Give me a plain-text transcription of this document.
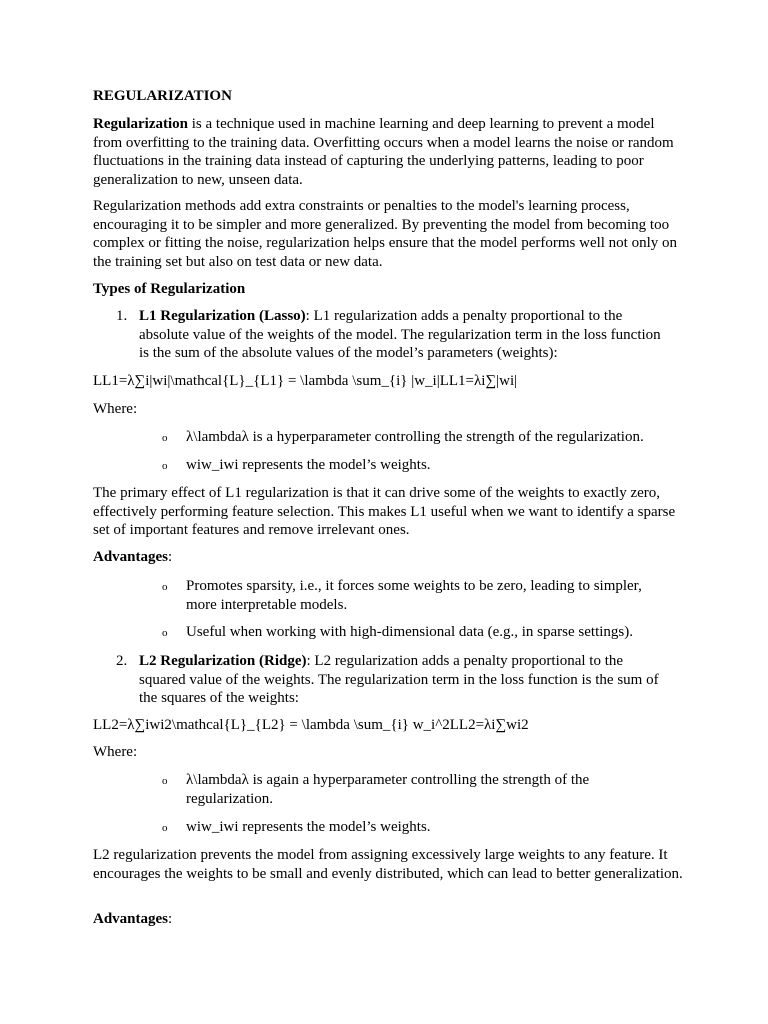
REGULARIZATION

Regularization is a technique used in machine learning and deep learning to prevent a model from overfitting to the training data. Overfitting occurs when a model learns the noise or random fluctuations in the training data instead of capturing the underlying patterns, leading to poor generalization to new, unseen data.

Regularization methods add extra constraints or penalties to the model's learning process, encouraging it to be simpler and more generalized. By preventing the model from becoming too complex or fitting the noise, regularization helps ensure that the model performs well not only on the training set but also on test data or new data.

Types of Regularization

1. L1 Regularization (Lasso): L1 regularization adds a penalty proportional to the absolute value of the weights of the model. The regularization term in the loss function is the sum of the absolute values of the model’s parameters (weights):

LL1=λ∑i|wi|\mathcal{L}_{L1} = \lambda \sum_{i} |w_i|LL1=λi∑|wi|

Where:

o λ\lambdaλ is a hyperparameter controlling the strength of the regularization.

o wiw_iwi represents the model’s weights.

The primary effect of L1 regularization is that it can drive some of the weights to exactly zero, effectively performing feature selection. This makes L1 useful when we want to identify a sparse set of important features and remove irrelevant ones.

Advantages:

o Promotes sparsity, i.e., it forces some weights to be zero, leading to simpler, more interpretable models.

o Useful when working with high-dimensional data (e.g., in sparse settings).

2. L2 Regularization (Ridge): L2 regularization adds a penalty proportional to the squared value of the weights. The regularization term in the loss function is the sum of the squares of the weights:

LL2=λ∑iwi2\mathcal{L}_{L2} = \lambda \sum_{i} w_i^2LL2=λi∑wi2

Where:

o λ\lambdaλ is again a hyperparameter controlling the strength of the regularization.

o wiw_iwi represents the model’s weights.

L2 regularization prevents the model from assigning excessively large weights to any feature. It encourages the weights to be small and evenly distributed, which can lead to better generalization.

Advantages:
